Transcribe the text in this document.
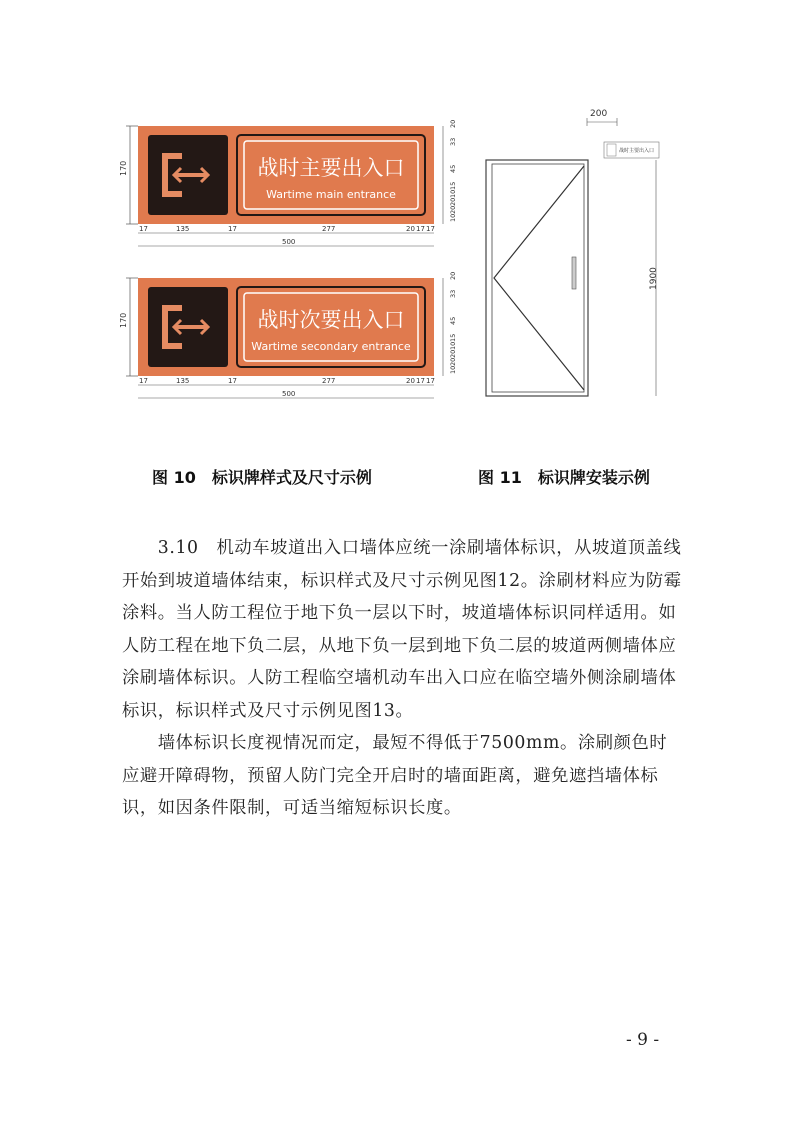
170	战时主要出入口
Wartime main entrance
17	135	17	277	20 17 17
500
20
33
45
15
10
20
20
10
170	战时次要出入口
Wartime secondary entrance
17	135	17	277	20 17 17
500
20
33
45
15
10
20
20
10
200
战时主要出入口
1900
图 10　标识牌样式及尺寸示例	图 11　标识牌安装示例

　　3.10　机动车坡道出入口墙体应统一涂刷墙体标识，从坡道顶盖线开始到坡道墙体结束，标识样式及尺寸示例见图12。涂刷材料应为防霉涂料。当人防工程位于地下负一层以下时，坡道墙体标识同样适用。如人防工程在地下负二层，从地下负一层到地下负二层的坡道两侧墙体应涂刷墙体标识。人防工程临空墙机动车出入口应在临空墙外侧涂刷墙体标识，标识样式及尺寸示例见图13。

　　墙体标识长度视情况而定，最短不得低于7500mm。涂刷颜色时应避开障碍物，预留人防门完全开启时的墙面距离，避免遮挡墙体标识，如因条件限制，可适当缩短标识长度。

- 9 -
